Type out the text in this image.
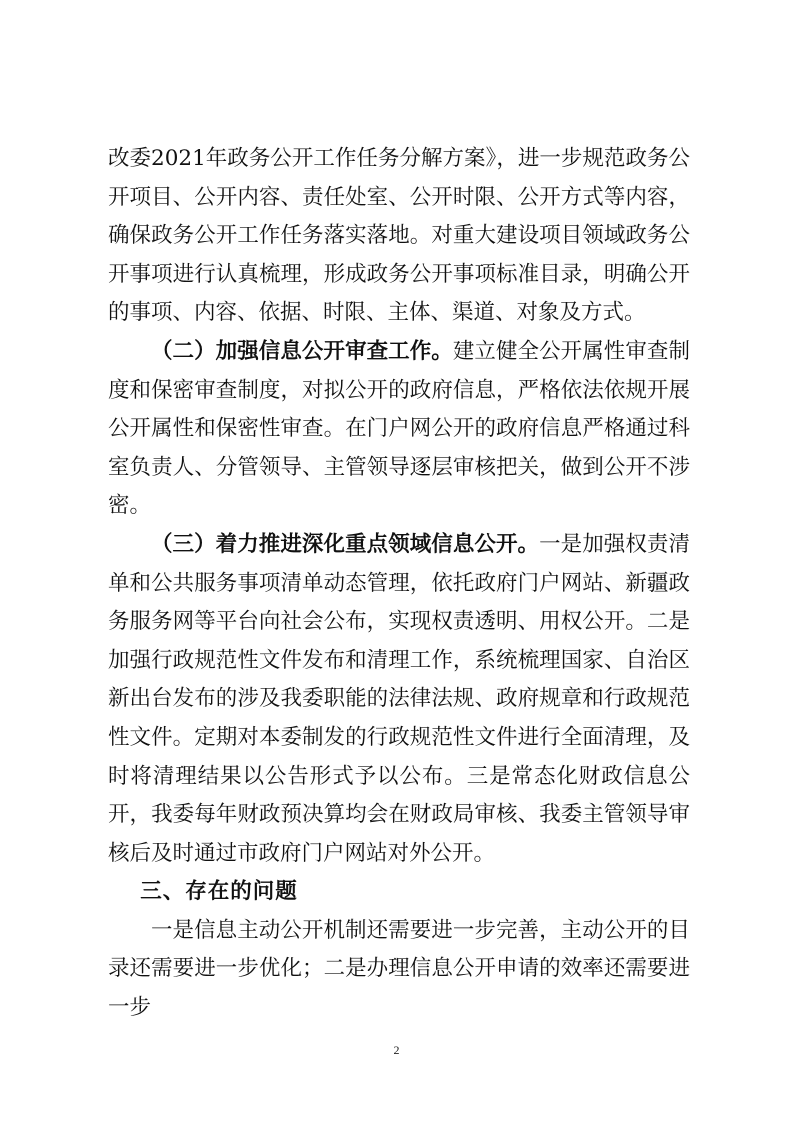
改委2021年政务公开工作任务分解方案》，进一步规范政务公开项目、公开内容、责任处室、公开时限、公开方式等内容，确保政务公开工作任务落实落地。对重大建设项目领域政务公开事项进行认真梳理，形成政务公开事项标准目录，明确公开的事项、内容、依据、时限、主体、渠道、对象及方式。

（二）加强信息公开审查工作。建立健全公开属性审查制度和保密审查制度，对拟公开的政府信息，严格依法依规开展公开属性和保密性审查。在门户网公开的政府信息严格通过科室负责人、分管领导、主管领导逐层审核把关，做到公开不涉密。

（三）着力推进深化重点领域信息公开。一是加强权责清单和公共服务事项清单动态管理，依托政府门户网站、新疆政务服务网等平台向社会公布，实现权责透明、用权公开。二是加强行政规范性文件发布和清理工作，系统梳理国家、自治区新出台发布的涉及我委职能的法律法规、政府规章和行政规范性文件。定期对本委制发的行政规范性文件进行全面清理，及时将清理结果以公告形式予以公布。三是常态化财政信息公开，我委每年财政预决算均会在财政局审核、我委主管领导审核后及时通过市政府门户网站对外公开。

三、存在的问题

一是信息主动公开机制还需要进一步完善，主动公开的目录还需要进一步优化；二是办理信息公开申请的效率还需要进一步

2
